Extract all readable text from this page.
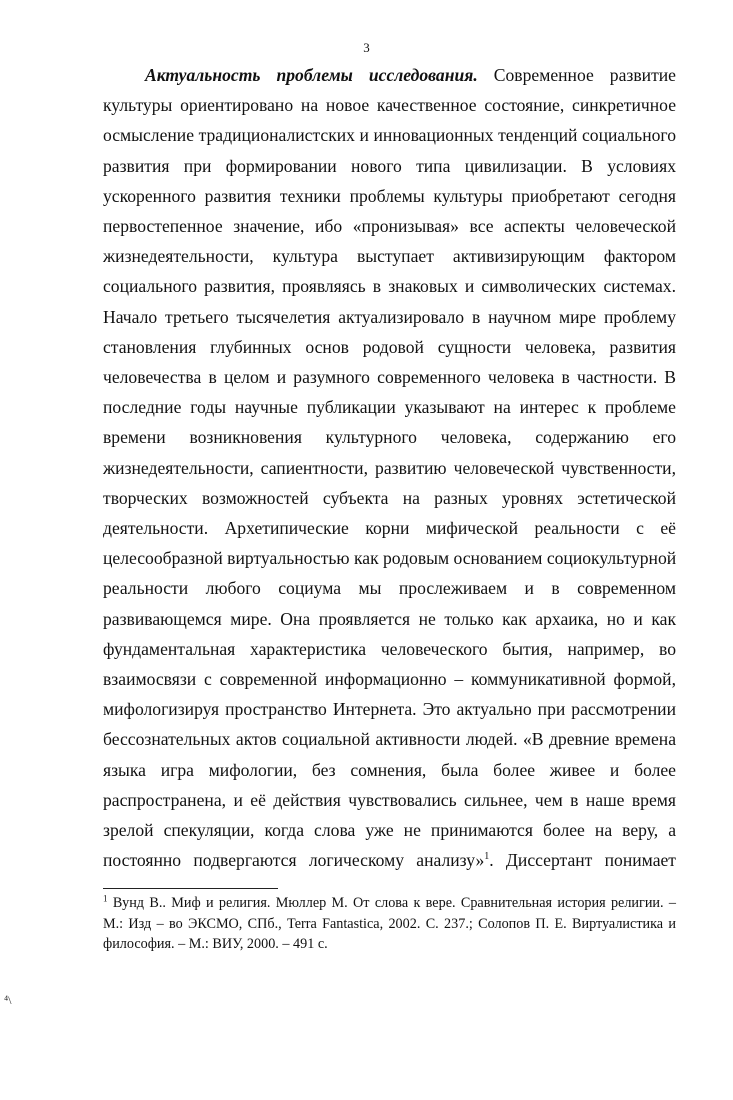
3
Актуальность проблемы исследования. Современное развитие
культуры ориентировано на новое качественное состояние, синкретичное
осмысление традиционалистских и инновационных тенденций социального
развития при формировании нового типа цивилизации. В условиях
ускоренного развития техники проблемы культуры приобретают сегодня
первостепенное значение, ибо «пронизывая» все аспекты человеческой
жизнедеятельности, культура выступает активизирующим фактором
социального развития, проявляясь в знаковых и символических системах.
Начало третьего тысячелетия актуализировало в научном мире проблему
становления глубинных основ родовой сущности человека, развития
человечества в целом и разумного современного человека в частности. В
последние годы научные публикации указывают на интерес к проблеме
времени возникновения культурного человека, содержанию его
жизнедеятельности, сапиентности, развитию человеческой чувственности,
творческих возможностей субъекта на разных уровнях эстетической
деятельности. Архетипические корни мифической реальности с её
целесообразной виртуальностью как родовым основанием социокультурной
реальности любого социума мы прослеживаем и в современном
развивающемся мире. Она проявляется не только как архаика, но и как
фундаментальная характеристика человеческого бытия, например, во
взаимосвязи с современной информационно – коммуникативной формой,
мифологизируя пространство Интернета. Это актуально при рассмотрении
бессознательных актов социальной активности людей. «В древние времена
языка игра мифологии, без сомнения, была более живее и более
распространена, и её действия чувствовались сильнее, чем в наше время
зрелой спекуляции, когда слова уже не принимаются более на веру, а
постоянно подвергаются логическому анализу»$^1$. Диссертант понимает
$^1$ Вунд В.. Миф и религия. Мюллер М. От слова к вере. Сравнительная история религии. –
М.: Изд – во ЭКСМО, СПб., Terra Fantastica, 2002. С. 237.; Солопов П. Е. Виртуалистика и
философия. – М.: ВИУ, 2000. – 491 с.
⁴\
